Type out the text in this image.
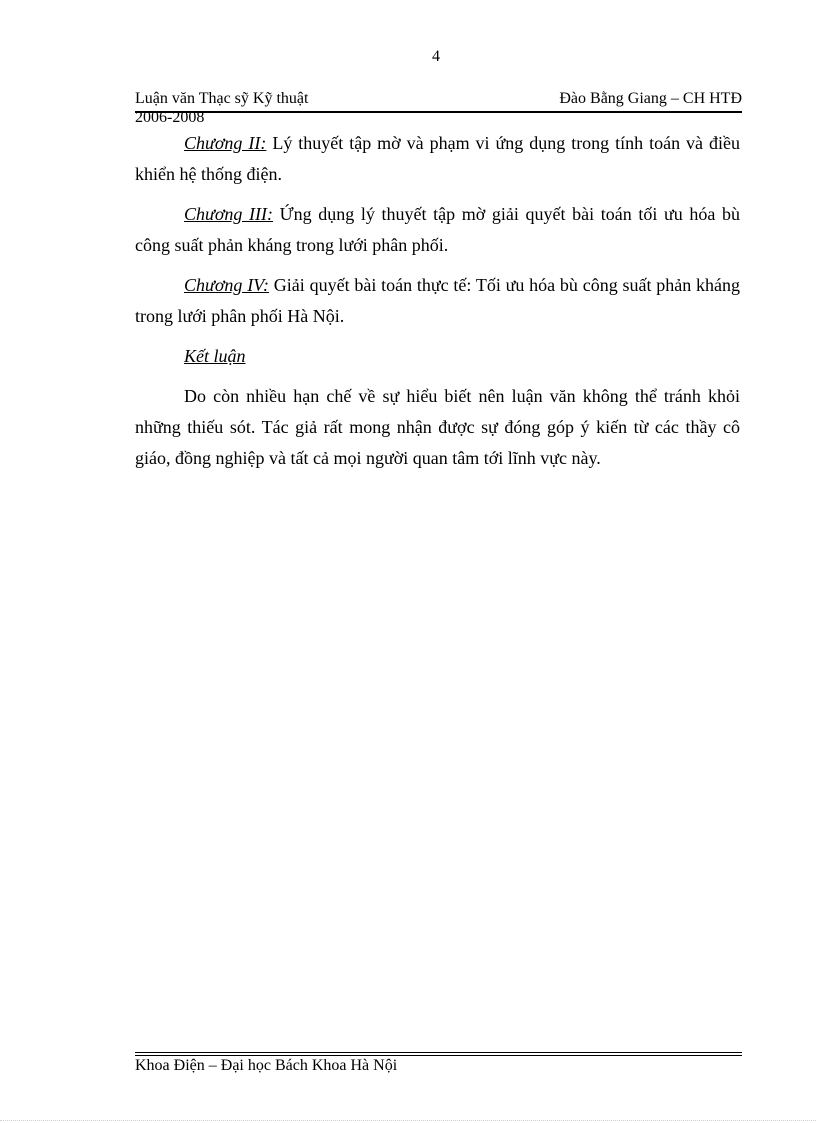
4
Luận văn Thạc sỹ Kỹ thuật	Đào Bằng Giang – CH HTĐ
2006-2008

Chương II: Lý thuyết tập mờ và phạm vi ứng dụng trong tính toán và điều khiển hệ thống điện.

Chương III: Ứng dụng lý thuyết tập mờ giải quyết bài toán tối ưu hóa bù công suất phản kháng trong lưới phân phối.

Chương IV: Giải quyết bài toán thực tế: Tối ưu hóa bù công suất phản kháng trong lưới phân phối Hà Nội.

Kết luận

Do còn nhiều hạn chế về sự hiểu biết nên luận văn không thể tránh khỏi những thiếu sót. Tác giả rất mong nhận được sự đóng góp ý kiến từ các thầy cô giáo, đồng nghiệp và tất cả mọi người quan tâm tới lĩnh vực này.

Khoa Điện – Đại học Bách Khoa Hà Nội
